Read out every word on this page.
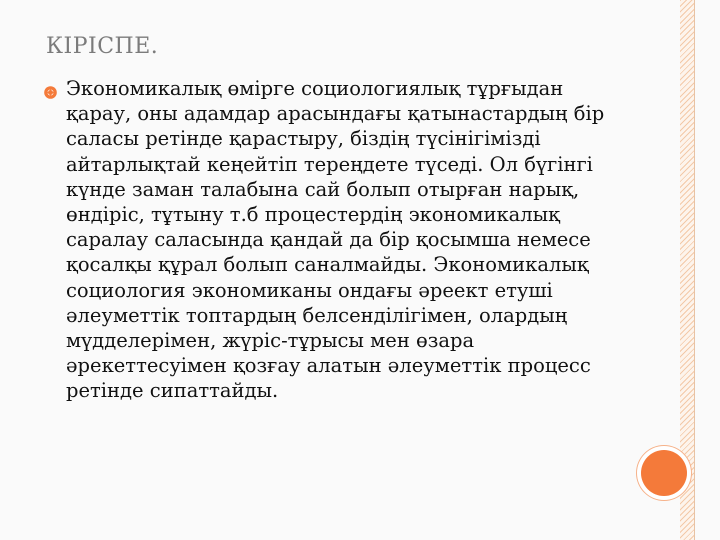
КІРІСПЕ.

Экономикалық өмірге социологиялық тұрғыдан қарау, оны адамдар арасындағы қатынастардың бір саласы ретінде қарастыру, біздің түсінігімізді айтарлықтай кеңейтіп тереңдете түседі. Ол бүгінгі күнде заман талабына сай болып отырған нарық, өндіріс, тұтыну т.б процестердің экономикалық саралау саласында қандай да бір қосымша немесе қосалқы құрал болып саналмайды. Экономикалық социология экономиканы ондағы әреект етуші әлеуметтік топтардың белсенділігімен, олардың мүдделерімен, жүріс-тұрысы мен өзара әрекеттесуімен қозғау алатын әлеуметтік процесс ретінде сипаттайды.
